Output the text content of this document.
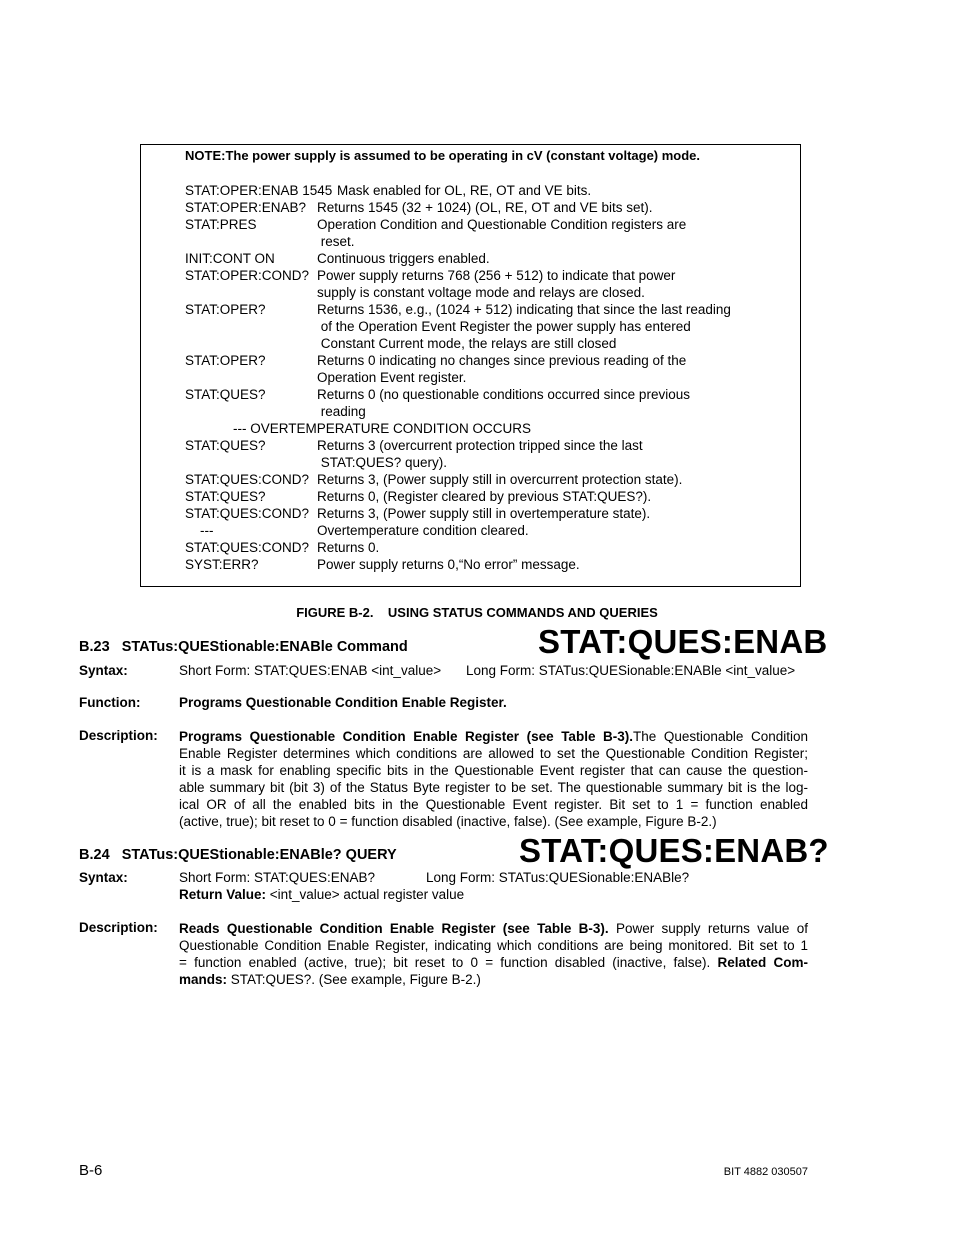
NOTE:The power supply is assumed to be operating in cV (constant voltage) mode.
STAT:OPER:ENAB 1545 Mask enabled for OL, RE, OT and VE bits.
STAT:OPER:ENAB? Returns 1545 (32 + 1024) (OL, RE, OT and VE bits set).
STAT:PRES	Operation Condition and Questionable Condition registers are
reset.
INIT:CONT ON	Continuous triggers enabled.
STAT:OPER:COND? Power supply returns 768 (256 + 512) to indicate that power
supply is constant voltage mode and relays are closed.
STAT:OPER?	Returns 1536, e.g., (1024 + 512) indicating that since the last reading
of the Operation Event Register the power supply has entered
Constant Current mode, the relays are still closed
STAT:OPER?	Returns 0 indicating no changes since previous reading of the
Operation Event register.
STAT:QUES?	Returns 0 (no questionable conditions occurred since previous
reading
--- OVERTEMPERATURE CONDITION OCCURS
STAT:QUES?	Returns 3 (overcurrent protection tripped since the last
STAT:QUES? query).
STAT:QUES:COND? Returns 3, (Power supply still in overcurrent protection state).
STAT:QUES?	Returns 0, (Register cleared by previous STAT:QUES?).
STAT:QUES:COND? Returns 3, (Power supply still in overtemperature state).
---	Overtemperature condition cleared.
STAT:QUES:COND? Returns 0.
SYST:ERR?	Power supply returns 0,“No error” message.
FIGURE B-2.    USING STATUS COMMANDS AND QUERIES
B.23 STATus:QUEStionable:ENABle Command	STAT:QUES:ENAB
Syntax:	Short Form: STAT:QUES:ENAB <int_value> Long Form: STATus:QUESionable:ENABle <int_value>
Function:	Programs Questionable Condition Enable Register.
Description: Programs Questionable Condition Enable Register (see Table B-3).The Questionable Condition
Enable Register determines which conditions are allowed to set the Questionable Condition Register;
it is a mask for enabling specific bits in the Questionable Event register that can cause the question-
able summary bit (bit 3) of the Status Byte register to be set. The questionable summary bit is the log-
ical OR of all the enabled bits in the Questionable Event register. Bit set to 1 = function enabled
(active, true); bit reset to 0 = function disabled (inactive, false). (See example, Figure B-2.)
B.24 STATus:QUEStionable:ENABle? QUERY	STAT:QUES:ENAB?
Syntax:	Short Form: STAT:QUES:ENAB?	Long Form: STATus:QUESionable:ENABle?
Return Value: <int_value> actual register value
Description: Reads Questionable Condition Enable Register (see Table B-3). Power supply returns value of
Questionable Condition Enable Register, indicating which conditions are being monitored. Bit set to 1
= function enabled (active, true); bit reset to 0 = function disabled (inactive, false). Related Com-
mands: STAT:QUES?. (See example, Figure B-2.)
B-6	BIT 4882 030507
